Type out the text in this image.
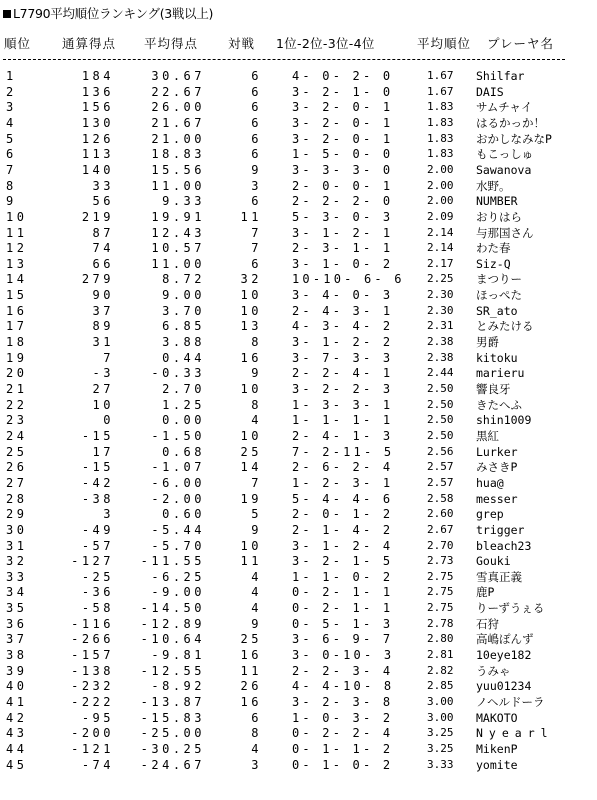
L7790平均順位ランキング(3戦以上)
順位 通算得点 平均得点 対戦 1位-2位-3位-4位	平均順位 プレーヤ名
1	184	30.67	6	4- 0- 2- 0	1.67 Shilfar
2	136	22.67	6	3- 2- 1- 0	1.67 DAIS
3	156	26.00	6	3- 2- 0- 1	1.83 サムチャイ
4	130	21.67	6	3- 2- 0- 1	1.83 はるかっか！
5	126	21.00	6	3- 2- 0- 1	1.83 おかしなみなP
6	113	18.83	6	1- 5- 0- 0	1.83 もこっしゅ
7	140	15.56	9	3- 3- 3- 0	2.00 Sawanova
8	33	11.00	3	2- 0- 0- 1	2.00 水野。
9	56	9.33	6	2- 2- 2- 0	2.00 NUMBER
10	219	19.91	11	5- 3- 0- 3	2.09 おりはら
11	87	12.43	7	3- 1- 2- 1	2.14 与那国さん
12	74	10.57	7	2- 3- 1- 1	2.14 わた春
13	66	11.00	6	3- 1- 0- 2	2.17 Siz-Q
14	279	8.72	32	10-10- 6- 6 2.25 まつりー
15	90	9.00	10	3- 4- 0- 3	2.30 ほっぺた
16	37	3.70	10	2- 4- 3- 1	2.30 SR_ato
17	89	6.85	13	4- 3- 4- 2	2.31 とみたける
18	31	3.88	8	3- 1- 2- 2	2.38 男爵
19	7	0.44	16	3- 7- 3- 3	2.38 kitoku
20	-3	-0.33	9	2- 2- 4- 1	2.44 marieru
21	27	2.70	10	3- 2- 2- 3	2.50 響良牙
22	10	1.25	8	1- 3- 3- 1	2.50 きたへふ
23	0	0.00	4	1- 1- 1- 1	2.50 shin1009
24	-15	-1.50	10	2- 4- 1- 3	2.50 黒紅
25	17	0.68	25	7- 2-11- 5	2.56 Lurker
26	-15	-1.07	14	2- 6- 2- 4	2.57 みさきP
27	-42	-6.00	7	1- 2- 3- 1	2.57 hua@
28	-38	-2.00	19	5- 4- 4- 6	2.58 messer
29	3	0.60	5	2- 0- 1- 2	2.60 grep
30	-49	-5.44	9	2- 1- 4- 2	2.67 trigger
31	-57	-5.70	10	3- 1- 2- 4	2.70 bleach23
32	-127 -11.55	11	3- 2- 1- 5	2.73 Gouki
33	-25	-6.25	4	1- 1- 0- 2	2.75 雪真正義
34	-36	-9.00	4	0- 2- 1- 1	2.75 鹿P
35	-58 -14.50	4	0- 2- 1- 1	2.75 りーずうぇる
36	-116 -12.89	9	0- 5- 1- 3	2.78 石狩
37	-266 -10.64	25	3- 6- 9- 7	2.80 高嶋ぽんず
38	-157	-9.81	16	3- 0-10- 3	2.81 10eye182
39	-138 -12.55	11	2- 2- 3- 4	2.82 うみゃ
40	-232	-8.92	26	4- 4-10- 8	2.85 yuu01234
41	-222 -13.87	16	3- 2- 3- 8	3.00 ノヘルドーラ
42	-95 -15.83	6	1- 0- 3- 2	3.00 MAKOTO
43	-200 -25.00	8	0- 2- 2- 4	3.25 Nyearl
44	-121 -30.25	4	0- 1- 1- 2	3.25 MikenP
45	-74 -24.67	3	0- 1- 0- 2	3.33 yomite
